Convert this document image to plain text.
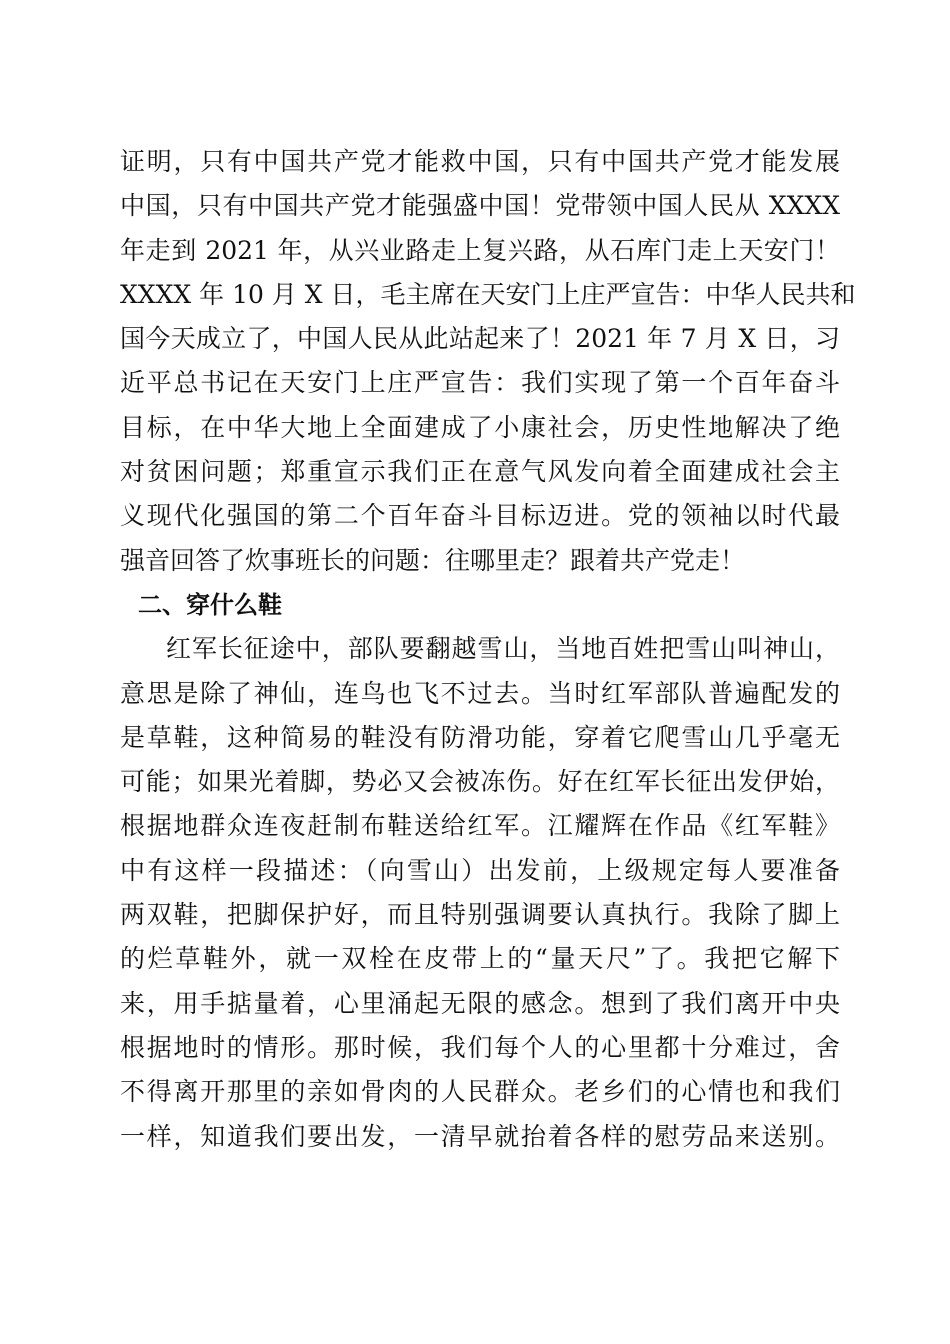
证明，只有中国共产党才能救中国，只有中国共产党才能发展
中国，只有中国共产党才能强盛中国！党带领中国人民从 XXXX
年走到 2021 年，从兴业路走上复兴路，从石库门走上天安门！
XXXX 年 10 月 X 日，毛主席在天安门上庄严宣告：中华人民共和
国今天成立了，中国人民从此站起来了！2021 年 7 月 X 日，习
近平总书记在天安门上庄严宣告：我们实现了第一个百年奋斗
目标，在中华大地上全面建成了小康社会，历史性地解决了绝
对贫困问题；郑重宣示我们正在意气风发向着全面建成社会主
义现代化强国的第二个百年奋斗目标迈进。党的领袖以时代最
强音回答了炊事班长的问题：往哪里走？跟着共产党走！
二、穿什么鞋
红军长征途中，部队要翻越雪山，当地百姓把雪山叫神山，
意思是除了神仙，连鸟也飞不过去。当时红军部队普遍配发的
是草鞋，这种简易的鞋没有防滑功能，穿着它爬雪山几乎毫无
可能；如果光着脚，势必又会被冻伤。好在红军长征出发伊始，
根据地群众连夜赶制布鞋送给红军。江耀辉在作品《红军鞋》
中有这样一段描述：（向雪山）出发前，上级规定每人要准备
两双鞋，把脚保护好，而且特别强调要认真执行。我除了脚上
的烂草鞋外，就一双栓在皮带上的“量天尺”了。我把它解下
来，用手掂量着，心里涌起无限的感念。想到了我们离开中央
根据地时的情形。那时候，我们每个人的心里都十分难过，舍
不得离开那里的亲如骨肉的人民群众。老乡们的心情也和我们
一样，知道我们要出发，一清早就抬着各样的慰劳品来送别。
